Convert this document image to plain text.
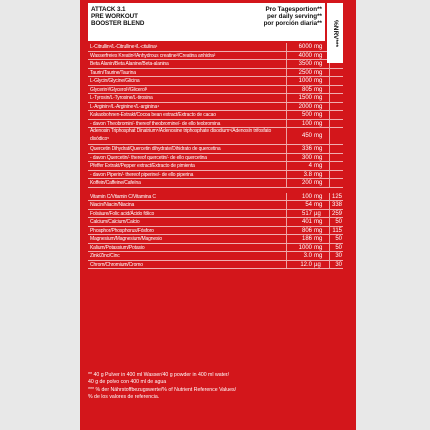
ATTACK 3.1
PRE WORKOUT
BOOSTER BLEND
Pro Tagesportion**
per daily serving**
por porción diaria** %NRV***
L-Citrullin¹/L-Citrulline¹/L-citulina¹	6000 mg
Wasserfreies Kreatin²/Anhydrous creatine²/Creatina anhidra²	4000 mg
Beta Alanin/Beta Alanine/Beta-alanina	3500 mg
Taurin/Taurine/Taurina	2500 mg
L-Glycin/Glycine/Glicina	1000 mg
Glycerin³/Glycerol³/Glicerol³	805 mg
L-Tyrosin/L-Tyrosine/L-tirosina	1500 mg
L-Arginin⁴/L-Arginine⁴/L-arginina⁴	2000 mg
Kakaobohnen-Extrakt/Cocoa bean extract/Extracto de cacao	500 mg
- davon Theobromin/- thereof theobromine/- de ello teobromina	100 mg
Adenosin Triphosphat Dinatrium⁵/Adenosine triphosphate disodium⁵/Adenosín trifosfato disódico⁵	450 mg
Quercetin Dihydrat/Quercetin dihydrate/Dihidrato de quercetina	336 mg
- davon Quercetin/- thereof quercetin/- de ello quercetina	300 mg
Pfeffer Extrakt/Pepper extract/Extracto de pimienta	4 mg
- davon Piperin/- thereof piperine/- de ello piperina	3.8 mg
Koffein/Caffeine/Cafeína	200 mg
Vitamin C/Vitamin C/Vitamina C	100 mg	125
Niacin/Niacin/Niacina	54 mg	338
Folsäure/Folic acid/Ácido fólico	517 µg	259
Calcium/Calcium/Calcio	401 mg	50
Phosphor/Phosphorus/Fósforo	806 mg	115
Magnesium/Magnesium/Magnesio	186 mg	50
Kalium/Potassium/Potasio	1000 mg	50
Zink/Zinc/Cinc	3.0 mg	30
Chrom/Chromium/Cromo	12.0 µg	30
** 40 g Pulver in 400 ml Wasser/40 g powder in 400 ml water/
40 g de polvo con 400 ml de agua
*** % der Nährstoffbezugswerte/% of Nutrient Reference Values/
% de los valores de referencia.
